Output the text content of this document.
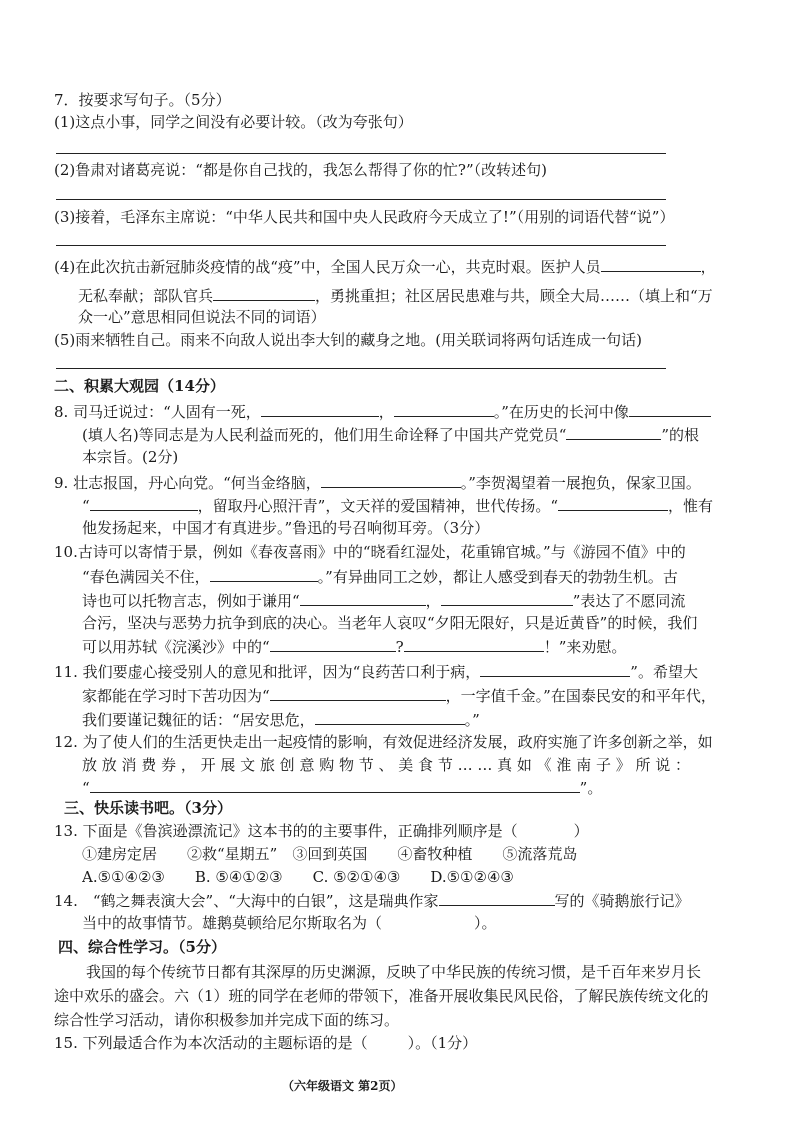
7．按要求写句子。（5分）
(1)这点小事，同学之间没有必要计较。（改为夸张句）
(2)鲁肃对诸葛亮说：“都是你自己找的，我怎么帮得了你的忙?”（改转述句)
(3)接着，毛泽东主席说：“中华人民共和国中央人民政府今天成立了!”（用别的词语代替“说”）
(4)在此次抗击新冠肺炎疫情的战“疫”中，全国人民万众一心，共克时艰。医护人员	，
无私奉献；部队官兵	，勇挑重担；社区居民患难与共，顾全大局……（填上和“万
众一心”意思相同但说法不同的词语）
(5)雨来牺牲自己。雨来不向敌人说出李大钊的藏身之地。(用关联词将两句话连成一句话)
二、积累大观园（14分）
8. 司马迁说过：“人固有一死，	，	。”在历史的长河中像
(填人名)等同志是为人民利益而死的，他们用生命诠释了中国共产党党员“	”的根
本宗旨。(2分)
9. 壮志报国，丹心向党。“何当金络脑，	。”李贺渴望着一展抱负，保家卫国。
“	，留取丹心照汗青”，文天祥的爱国精神，世代传扬。“	，惟有
他发扬起来，中国才有真进步。”鲁迅的号召响彻耳旁。（3分）
10.古诗可以寄情于景，例如《春夜喜雨》中的“晓看红湿处，花重锦官城。”与《游园不值》中的
“春色满园关不住，	。”有异曲同工之妙，都让人感受到春天的勃勃生机。古
诗也可以托物言志，例如于谦用“	，	”表达了不愿同流
合污，坚决与恶势力抗争到底的决心。当老年人哀叹“夕阳无限好，只是近黄昏”的时候，我们
可以用苏轼《浣溪沙》中的“	?	！”来劝慰。
11. 我们要虚心接受别人的意见和批评，因为“良药苦口利于病，	”。希望大
家都能在学习时下苦功因为“	，一字值千金。”在国泰民安的和平年代，
我们要谨记魏征的话：“居安思危，	。”
12. 为了使人们的生活更快走出一起疫情的影响，有效促进经济发展，政府实施了许多创新之举，如
放 放 消 费 券 ， 开 展 文 旅 创 意 购 物 节 、 美 食 节 … … 真 如 《 淮 南 子 》 所 说 ：
“	”。
三、快乐读书吧。（3分）
13. 下面是《鲁滨逊漂流记》这本书的的主要事件，正确排列顺序是（	）
①建房定居　　②救“星期五”　③回到英国　　④畜牧种植　　⑤流落荒岛
A.⑤①④②③　　B. ⑤④①②③　　C. ⑤②①④③　　D.⑤①②④③
14.　“鹤之舞表演大会”、“大海中的白银”，这是瑞典作家	写的《骑鹅旅行记》
当中的故事情节。雄鹅莫顿给尼尔斯取名为（	）。
四、综合性学习。（5分）
我国的每个传统节日都有其深厚的历史渊源，反映了中华民族的传统习惯，是千百年来岁月长
途中欢乐的盛会。六（1）班的同学在老师的带领下，准备开展收集民风民俗，了解民族传统文化的
综合性学习活动，请你积极参加并完成下面的练习。
15. 下列最适合作为本次活动的主题标语的是（	）。（1分）
（六年级语文 第2页）
